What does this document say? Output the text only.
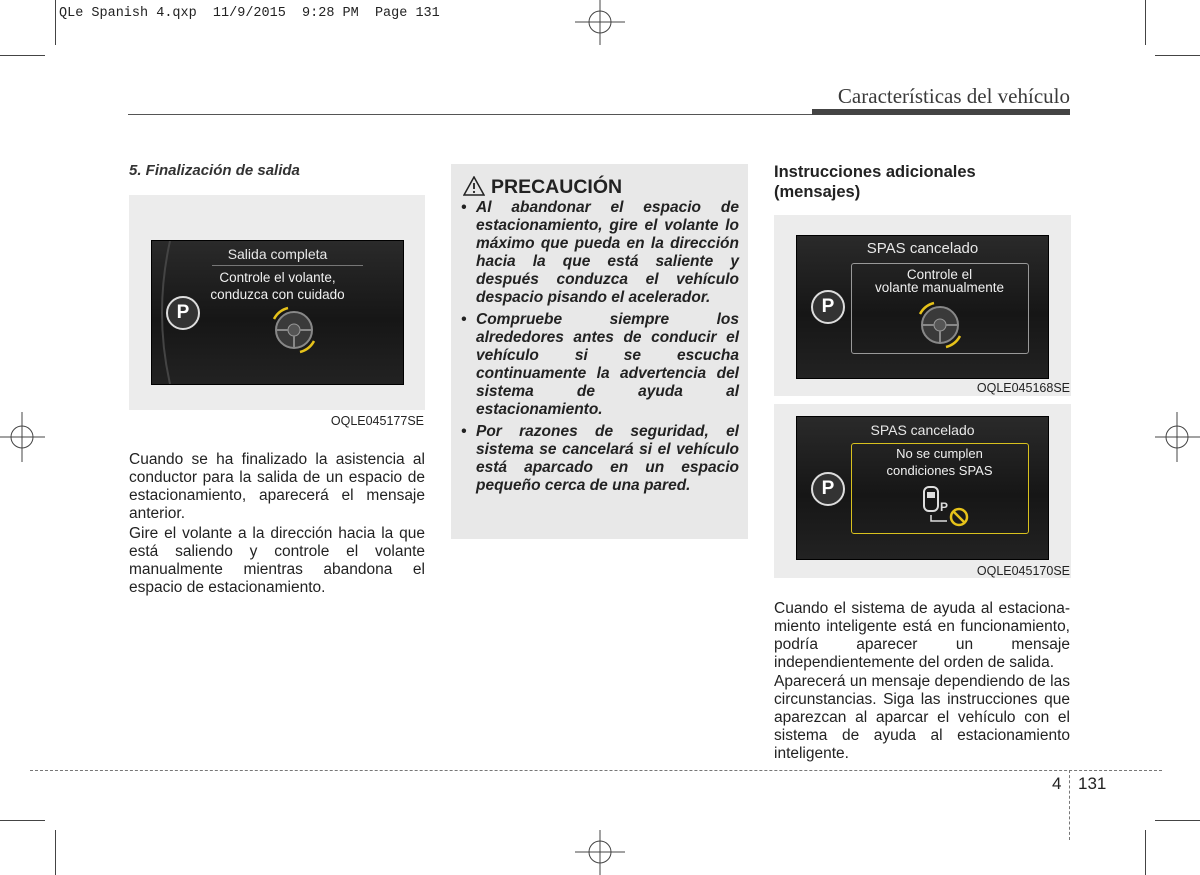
QLe Spanish 4.qxp  11/9/2015  9:28 PM  Page 131
Características del vehículo
5. Finalización de salida
Salida completa
Controle el volante,
conduzca con cuidado
P
OQLE045177SE
Cuando se ha finalizado la asistencia al conductor para la salida de un espacio de estacionamiento, aparecerá el mensaje anterior.
Gire el volante a la dirección hacia la que está saliendo y controle el volante manualmente mientras abandona el espacio de estacionamiento.
PRECAUCIÓN
• Al abandonar el espacio de estacionamiento, gire el volante lo máximo que pueda en la dirección hacia la que está saliente y después conduzca el vehículo despacio pisando el acelerador.
• Compruebe siempre los alrededores antes de conducir el vehículo si se escucha continuamente la advertencia del sistema de ayuda al estacionamiento.
• Por razones de seguridad, el sistema se cancelará si el vehículo está aparcado en un espacio pequeño cerca de una pared.
Instrucciones adicionales (mensajes)
SPAS cancelado
Controle el
volante manualmente
P
OQLE045168SE
SPAS cancelado
No se cumplen
condiciones SPAS
P
P
OQLE045170SE
Cuando el sistema de ayuda al estaciona- miento inteligente está en funcionamiento, podría aparecer un mensaje independientemente del orden de salida.
Aparecerá un mensaje dependiendo de las circunstancias. Siga las instrucciones que aparezcan al aparcar el vehículo con el sistema de ayuda al estacionamiento inteligente.
4 131
